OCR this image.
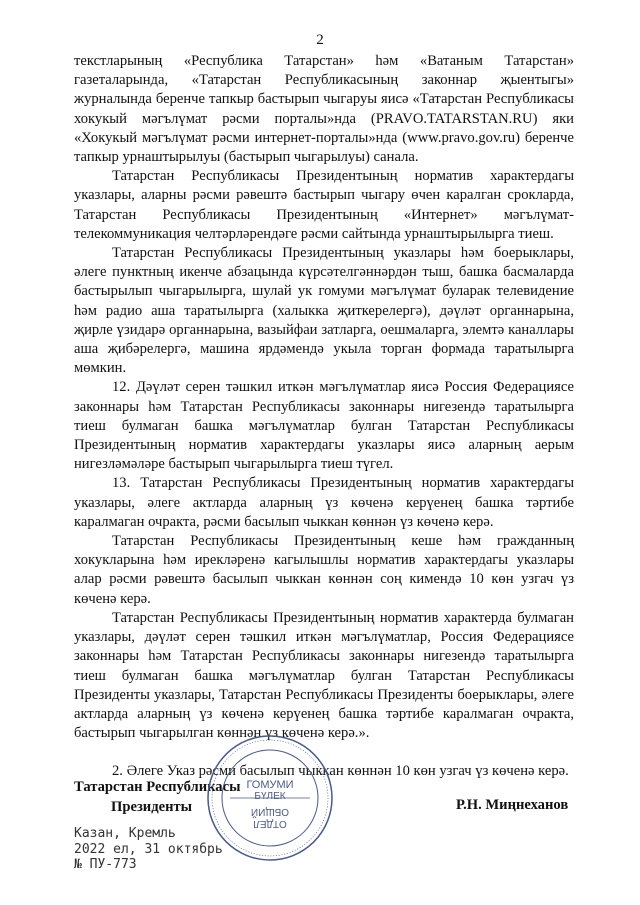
2

текстларының «Республика Татарстан» һәм «Ватаным Татарстан» газеталарында, «Татарстан Республикасының законнар җыентыгы» журналында беренче тапкыр бастырып чыгаруы яисә «Татарстан Республикасы хокукый мәгълүмат рәсми порталы»нда (PRAVO.TATARSTAN.RU) яки «Хокукый мәгълүмат рәсми интернет-порталы»нда (www.pravo.gov.ru) беренче тапкыр урнаштырылуы (бастырып чыгарылуы) санала.

Татарстан Республикасы Президентының норматив характердагы указлары, аларны рәсми рәвештә бастырып чыгару өчен каралган срокларда, Татарстан Республикасы Президентының «Интернет» мәгълүмат-телекоммуникация челтәрләрендәге рәсми сайтында урнаштырылырга тиеш.

Татарстан Республикасы Президентының указлары һәм боерыклары, әлеге пунктның икенче абзацында күрсәтелгәннәрдән тыш, башка басмаларда бастырылып чыгарылырга, шулай ук гомуми мәгълүмат буларак телевидение һәм радио аша таратылырга (халыкка җиткерелергә), дәүләт органнарына, җирле үзидарә органнарына, вазыйфаи затларга, оешмаларга, элемтә каналлары аша җибәрелергә, машина ярдәмендә укыла торган формада таратылырга мөмкин.

12. Дәүләт серен тәшкил иткән мәгълүматлар яисә Россия Федерациясе законнары һәм Татарстан Республикасы законнары нигезендә таратылырга тиеш булмаган башка мәгълүматлар булган Татарстан Республикасы Президентының норматив характердагы указлары яисә аларның аерым нигезләмәләре бастырып чыгарылырга тиеш түгел.

13. Татарстан Республикасы Президентының норматив характердагы указлары, әлеге актларда аларның үз көченә керүенең башка тәртибе каралмаган очракта, рәсми басылып чыккан көннән үз көченә керә.

Татарстан Республикасы Президентының кеше һәм гражданның хокукларына һәм ирекләренә кагылышлы норматив характердагы указлары алар рәсми рәвештә басылып чыккан көннән соң кимендә 10 көн узгач үз көченә керә.

Татарстан Республикасы Президентының норматив характерда булмаган указлары, дәүләт серен тәшкил иткән мәгълүматлар, Россия Федерациясе законнары һәм Татарстан Республикасы законнары нигезендә таратылырга тиеш булмаган башка мәгълүматлар булган Татарстан Республикасы Президенты указлары, Татарстан Республикасы Президенты боерыклары, әлеге актларда аларның үз көченә керүенең башка тәртибе каралмаган очракта, бастырып чыгарылган көннән үз көченә керә.».

2. Әлеге Указ рәсми басылып чыккан көннән 10 көн узгач үз көченә керә.

Татарстан Республикасы
Президенты	Р.Н. Миңнеханов
ГОМУМИ
БҮЛЕК
ОТДЕЛ
ОБЩИЙ
Казан, Кремль
2022 ел, 31 октябрь
№ ПУ-773
